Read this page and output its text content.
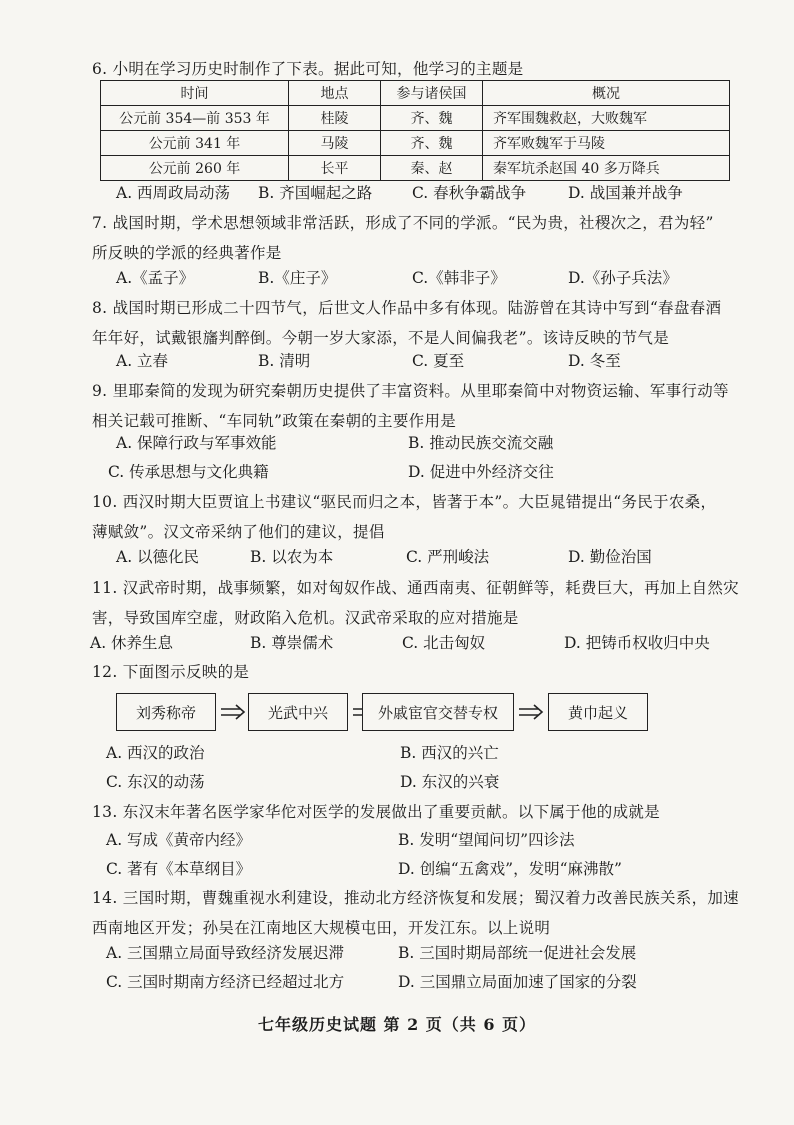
6. 小明在学习历史时制作了下表。据此可知，他学习的主题是
时间	地点	参与诸侯国	概况
公元前 354—前 353 年	桂陵	齐、魏	齐军围魏救赵，大败魏军
公元前 341 年	马陵	齐、魏	齐军败魏军于马陵
公元前 260 年	长平	秦、赵	秦军坑杀赵国 40 多万降兵
A. 西周政局动荡 B. 齐国崛起之路	C. 春秋争霸战争	D. 战国兼并战争
7. 战国时期，学术思想领域非常活跃，形成了不同的学派。“民为贵，社稷次之，君为轻”
所反映的学派的经典著作是
A.《孟子》	B.《庄子》	C.《韩非子》	D.《孙子兵法》
8. 战国时期已形成二十四节气，后世文人作品中多有体现。陆游曾在其诗中写到“春盘春酒
年年好，试戴银旛判醉倒。今朝一岁大家添，不是人间偏我老”。该诗反映的节气是
A. 立春	B. 清明	C. 夏至	D. 冬至
9. 里耶秦简的发现为研究秦朝历史提供了丰富资料。从里耶秦简中对物资运输、军事行动等
相关记载可推断、“车同轨”政策在秦朝的主要作用是
A. 保障行政与军事效能	B. 推动民族交流交融
C. 传承思想与文化典籍	D. 促进中外经济交往
10. 西汉时期大臣贾谊上书建议“驱民而归之本，皆著于本”。大臣晁错提出“务民于农桑，
薄赋敛”。汉文帝采纳了他们的建议，提倡
A. 以德化民	B. 以农为本	C. 严刑峻法	D. 勤俭治国
11. 汉武帝时期，战事频繁，如对匈奴作战、通西南夷、征朝鲜等，耗费巨大，再加上自然灾
害，导致国库空虚，财政陷入危机。汉武帝采取的应对措施是
A. 休养生息	B. 尊崇儒术	C. 北击匈奴	D. 把铸币权收归中央
12. 下面图示反映的是
刘秀称帝	光武中兴	外戚宦官交替专权	黄巾起义
A. 西汉的政治	B. 西汉的兴亡
C. 东汉的动荡	D. 东汉的兴衰
13. 东汉末年著名医学家华佗对医学的发展做出了重要贡献。以下属于他的成就是
A. 写成《黄帝内经》	B. 发明“望闻问切”四诊法
C. 著有《本草纲目》	D. 创编“五禽戏”，发明“麻沸散”
14. 三国时期，曹魏重视水利建设，推动北方经济恢复和发展；蜀汉着力改善民族关系，加速
西南地区开发；孙吴在江南地区大规模屯田，开发江东。以上说明
A. 三国鼎立局面导致经济发展迟滞	B. 三国时期局部统一促进社会发展
C. 三国时期南方经济已经超过北方	D. 三国鼎立局面加速了国家的分裂
七年级历史试题 第 2 页（共 6 页）
